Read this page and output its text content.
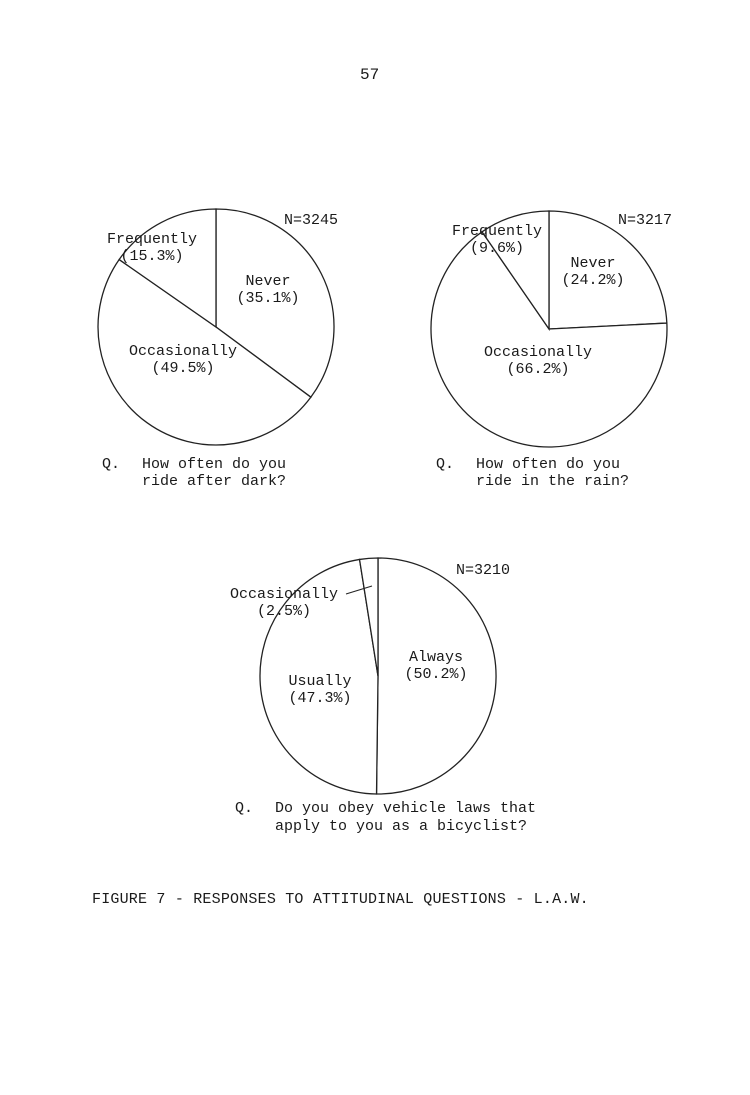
57
Never
(35.1%)
Occasionally
(49.5%)
Frequently
(15.3%)
N=3245
Q. How often do you
ride after dark?
Never
(24.2%)
Occasionally
(66.2%)
Frequently
(9.6%)
N=3217
Q. How often do you
ride in the rain?
Always
(50.2%)
Usually
(47.3%)
Occasionally
(2.5%)
N=3210
Q. Do you obey vehicle laws that
apply to you as a bicyclist?
FIGURE 7 - RESPONSES TO ATTITUDINAL QUESTIONS - L.A.W.
